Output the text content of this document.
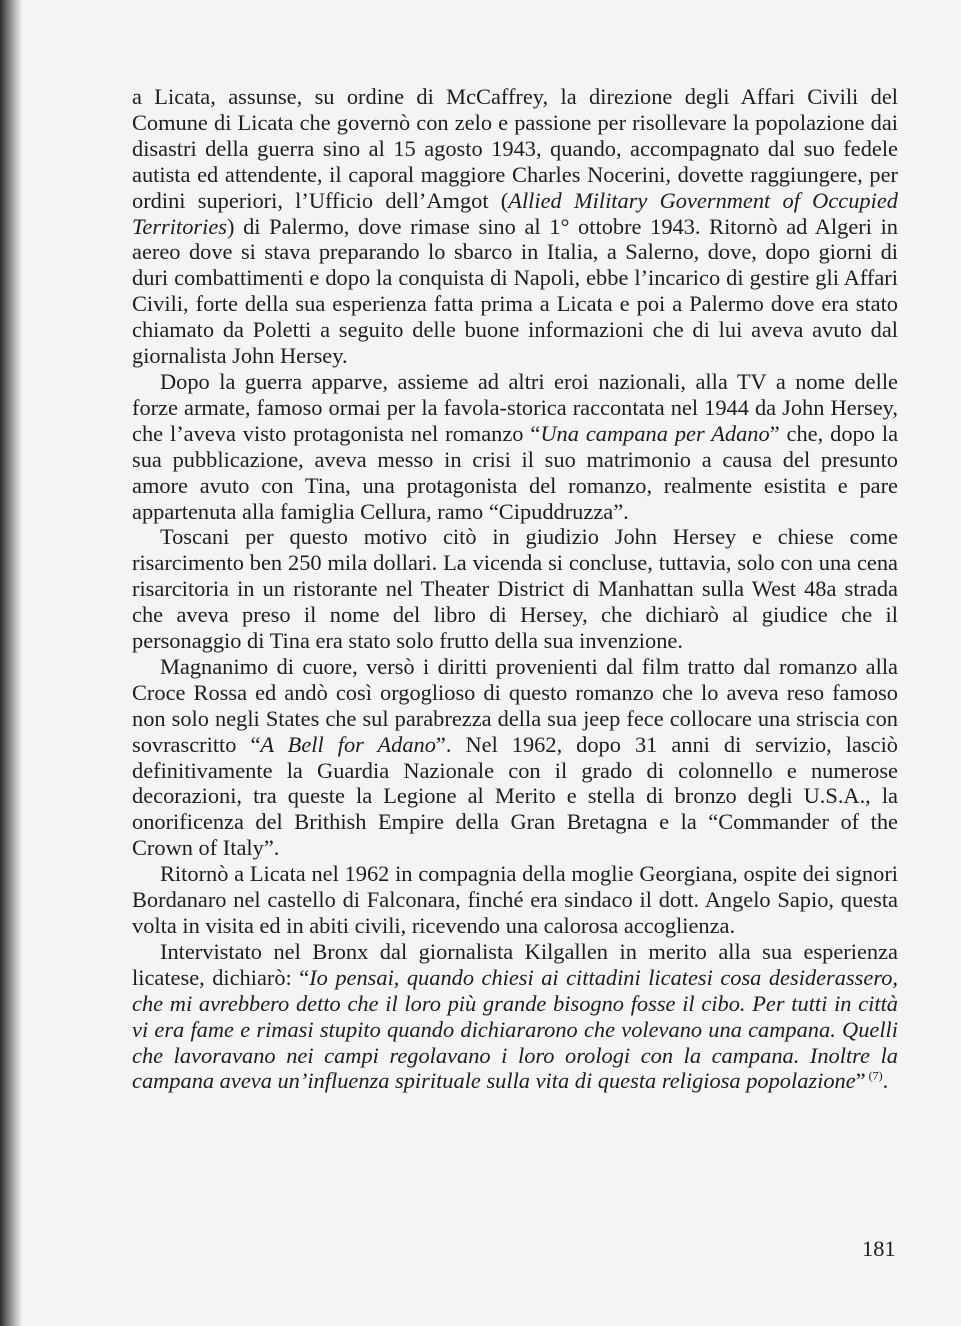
a Licata, assunse, su ordine di McCaffrey, la direzione degli Affari Civili del Comune di Licata che governò con zelo e passione per risollevare la popolazione dai disastri della guerra sino al 15 agosto 1943, quando, accompagnato dal suo fedele autista ed attendente, il caporal maggiore Charles Nocerini, dovette raggiungere, per ordini superiori, l’Ufficio dell’Amgot (Allied Military Government of Occupied Territories) di Palermo, dove rimase sino al 1° ottobre 1943. Ritornò ad Algeri in aereo dove si stava preparando lo sbarco in Italia, a Salerno, dove, dopo giorni di duri combattimenti e dopo la conquista di Napoli, ebbe l’incarico di gestire gli Affari Civili, forte della sua esperienza fatta prima a Licata e poi a Palermo dove era stato chiamato da Poletti a seguito delle buone informazioni che di lui aveva avuto dal giornalista John Hersey.

Dopo la guerra apparve, assieme ad altri eroi nazionali, alla TV a nome delle forze armate, famoso ormai per la favola-storica raccontata nel 1944 da John Hersey, che l’aveva visto protagonista nel romanzo “Una campana per Adano” che, dopo la sua pubblicazione, aveva messo in crisi il suo matrimonio a causa del presunto amore avuto con Tina, una protagonista del romanzo, realmente esistita e pare appartenuta alla famiglia Cellura, ramo “Cipuddruzza”.

Toscani per questo motivo citò in giudizio John Hersey e chiese come risarcimento ben 250 mila dollari. La vicenda si concluse, tuttavia, solo con una cena risarcitoria in un ristorante nel Theater District di Manhattan sulla West 48a strada che aveva preso il nome del libro di Hersey, che dichiarò al giudice che il personaggio di Tina era stato solo frutto della sua invenzione.

Magnanimo di cuore, versò i diritti provenienti dal film tratto dal romanzo alla Croce Rossa ed andò così orgoglioso di questo romanzo che lo aveva reso famoso non solo negli States che sul parabrezza della sua jeep fece collocare una striscia con sovrascritto “A Bell for Adano”. Nel 1962, dopo 31 anni di servizio, lasciò definitivamente la Guardia Nazionale con il grado di colonnello e numerose decorazioni, tra queste la Legione al Merito e stella di bronzo degli U.S.A., la onorificenza del Brithish Empire della Gran Bretagna e la “Commander of the Crown of Italy”.

Ritornò a Licata nel 1962 in compagnia della moglie Georgiana, ospite dei signori Bordanaro nel castello di Falconara, finché era sindaco il dott. Angelo Sapio, questa volta in visita ed in abiti civili, ricevendo una calorosa accoglienza.

Intervistato nel Bronx dal giornalista Kilgallen in merito alla sua esperienza licatese, dichiarò: “Io pensai, quando chiesi ai cittadini licatesi cosa desiderassero, che mi avrebbero detto che il loro più grande bisogno fosse il cibo. Per tutti in città vi era fame e rimasi stupito quando dichiararono che volevano una campana. Quelli che lavoravano nei campi regolavano i loro orologi con la campana. Inoltre la campana aveva un’influenza spirituale sulla vita di questa religiosa popolazione” $^{(7)}$.

181
